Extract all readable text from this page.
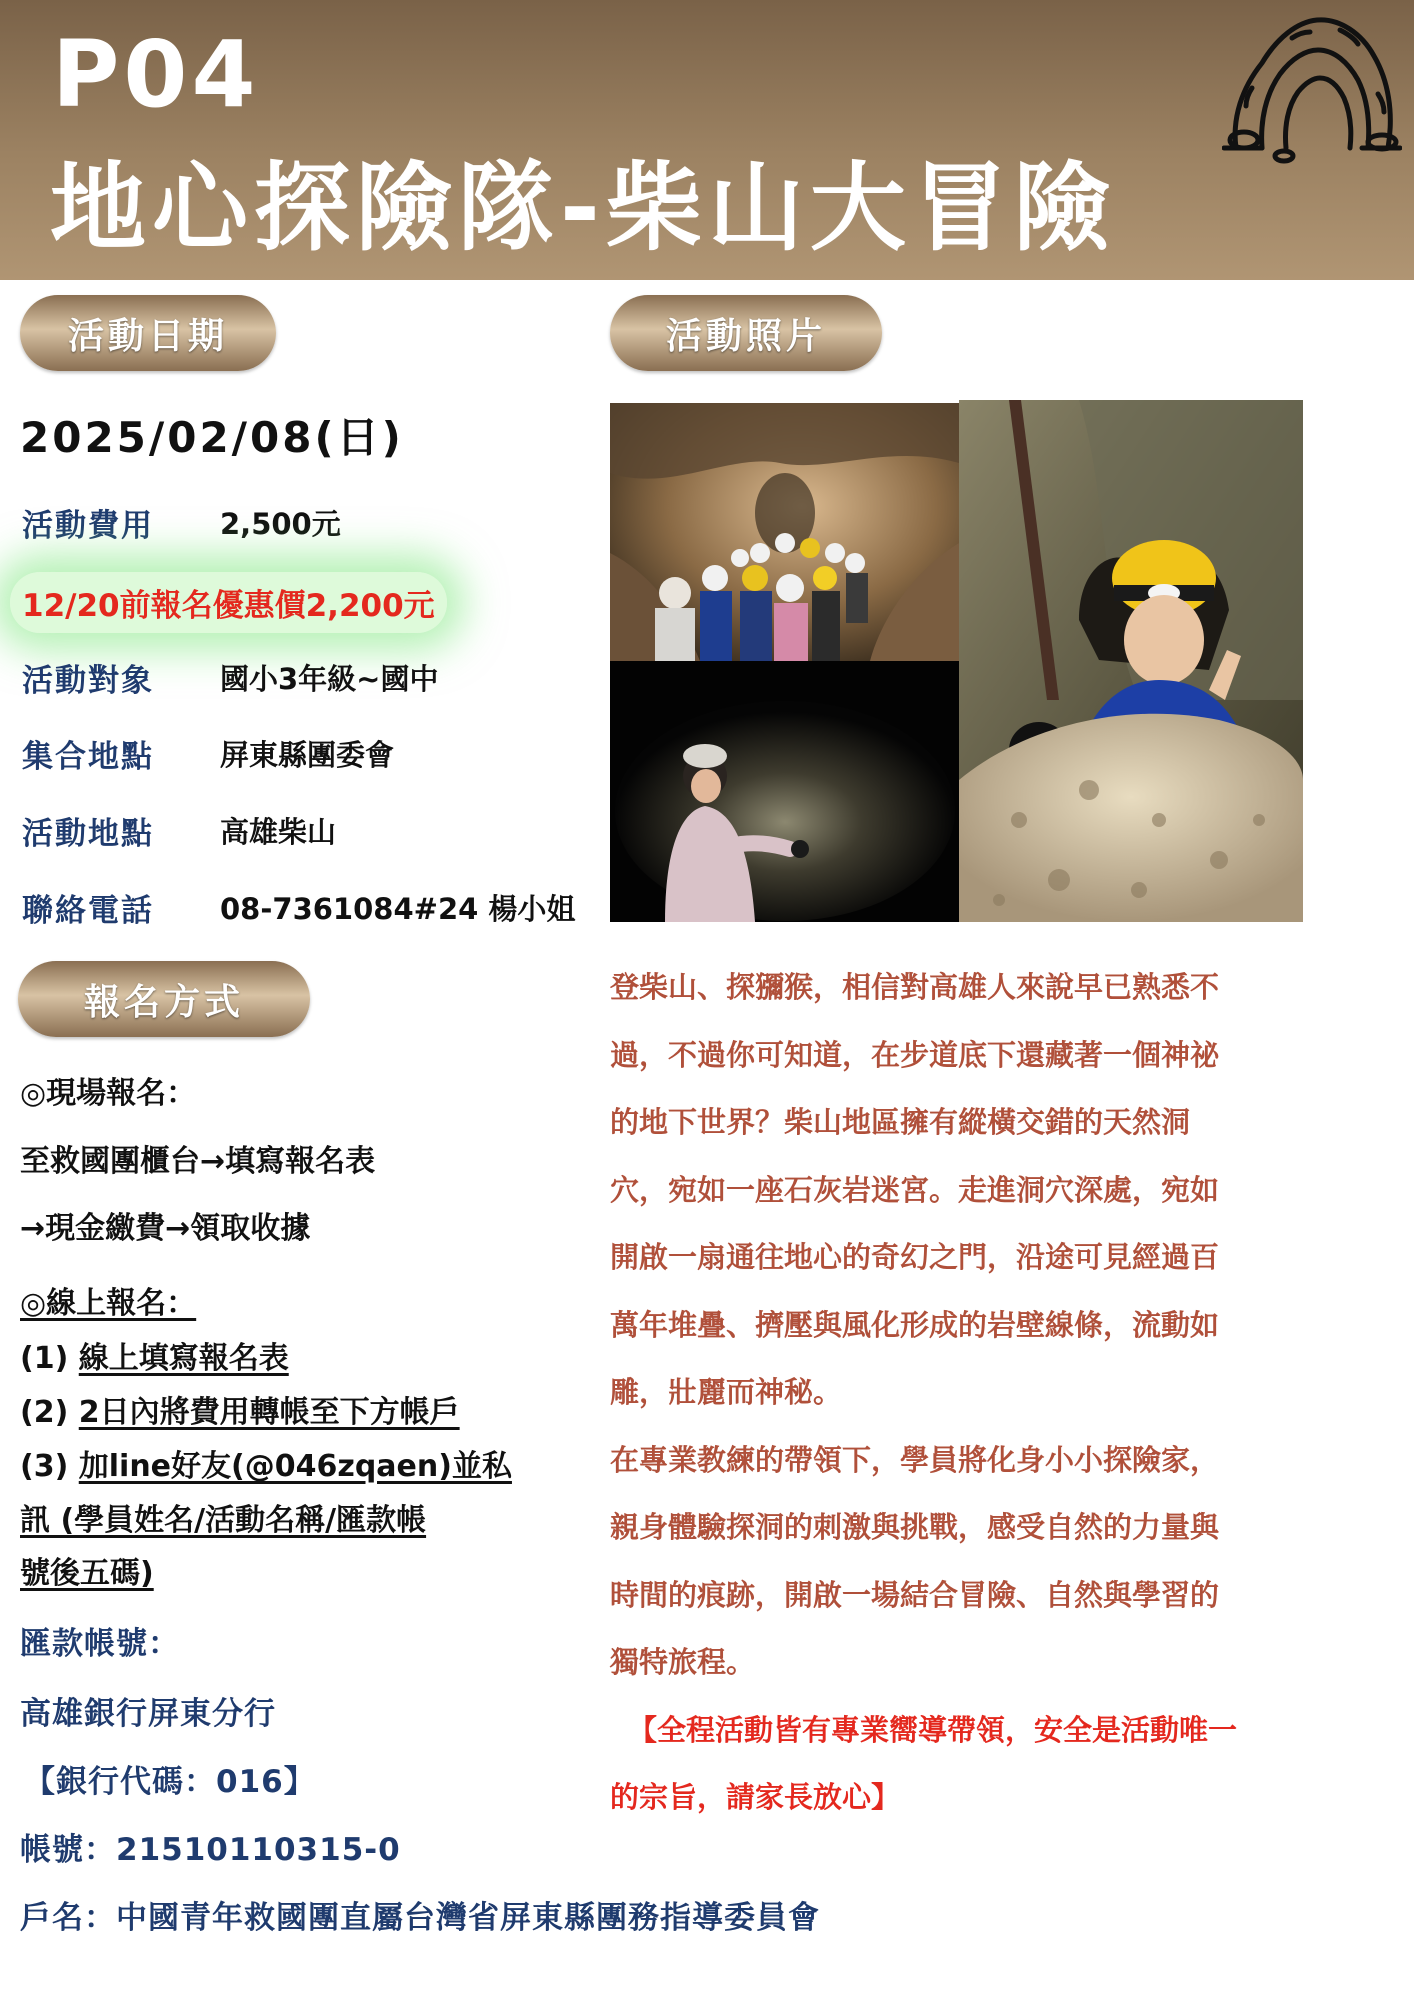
P04
地心探險隊-柴山大冒險
活動日期	活動照片
報名方式
2025/02/08(日)
活動費用	2,500元
12/20前報名優惠價2,200元
活動對象	國小3年級~國中
集合地點	屏東縣團委會
活動地點	高雄柴山
聯絡電話	08-7361084#24 楊小姐
◎現場報名：
至救國團櫃台→填寫報名表
→現金繳費→領取收據
◎線上報名：
(1) 線上填寫報名表
(2) 2日內將費用轉帳至下方帳戶
(3) 加line好友(@046zqaen)並私
訊 (學員姓名/活動名稱/匯款帳
號後五碼)
匯款帳號：
高雄銀行屏東分行
【銀行代碼：016】
帳號：21510110315-0
戶名：中國青年救國團直屬台灣省屏東縣團務指導委員會
登柴山、探獼猴，相信對高雄人來說早已熟悉不
過，不過你可知道，在步道底下還藏著一個神祕
的地下世界？柴山地區擁有縱橫交錯的天然洞
穴，宛如一座石灰岩迷宮。走進洞穴深處，宛如
開啟一扇通往地心的奇幻之門，沿途可見經過百
萬年堆疊、擠壓與風化形成的岩壁線條，流動如
雕，壯麗而神秘。
在專業教練的帶領下，學員將化身小小探險家，
親身體驗探洞的刺激與挑戰，感受自然的力量與
時間的痕跡，開啟一場結合冒險、自然與學習的
獨特旅程。
【全程活動皆有專業嚮導帶領，安全是活動唯一
的宗旨，請家長放心】
